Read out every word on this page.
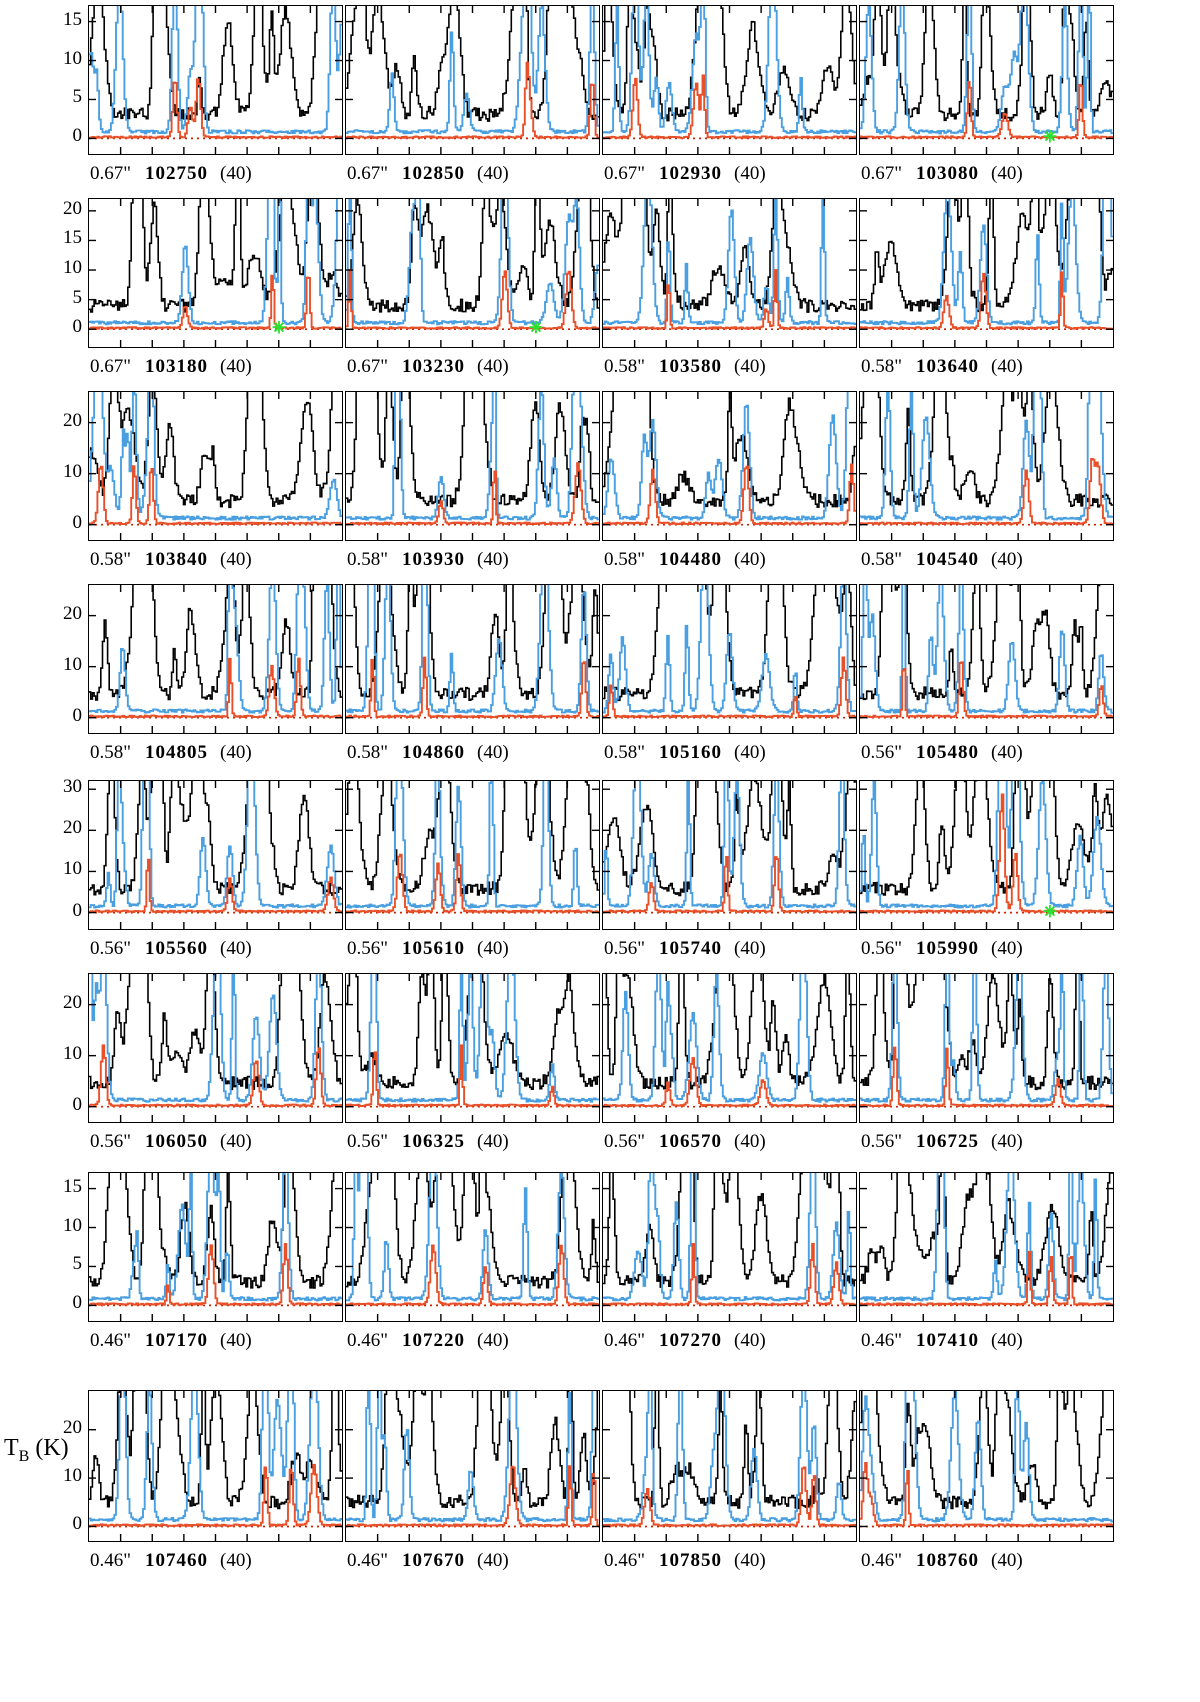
0
5
10
15
0.67" 102750 (40)	0.67" 102850 (40)	0.67" 102930 (40)
✳
0.67" 103080 (40)
✳
0
5
10
15
20
0.67" 103180 (40)
✳
0.67" 103230 (40)	0.58" 103580 (40)	0.58" 103640 (40)
0
10
20
0.58" 103840 (40)	0.58" 103930 (40)	0.58" 104480 (40)	0.58" 104540 (40)
0
10
20
0.58" 104805 (40)	0.58" 104860 (40)	0.58" 105160 (40)	0.56" 105480 (40)
0
10
20
30
0.56" 105560 (40)	0.56" 105610 (40)	0.56" 105740 (40)
✳
0.56" 105990 (40)
0
10
20
0.56" 106050 (40)	0.56" 106325 (40)	0.56" 106570 (40)	0.56" 106725 (40)
0
5
10
15
0.46" 107170 (40)	0.46" 107220 (40)	0.46" 107270 (40)	0.46" 107410 (40)
0
10
20
0.46" 107460 (40)	0.46" 107670 (40)	0.46" 107850 (40)	0.46" 108760 (40)
$T_B$ (K)
